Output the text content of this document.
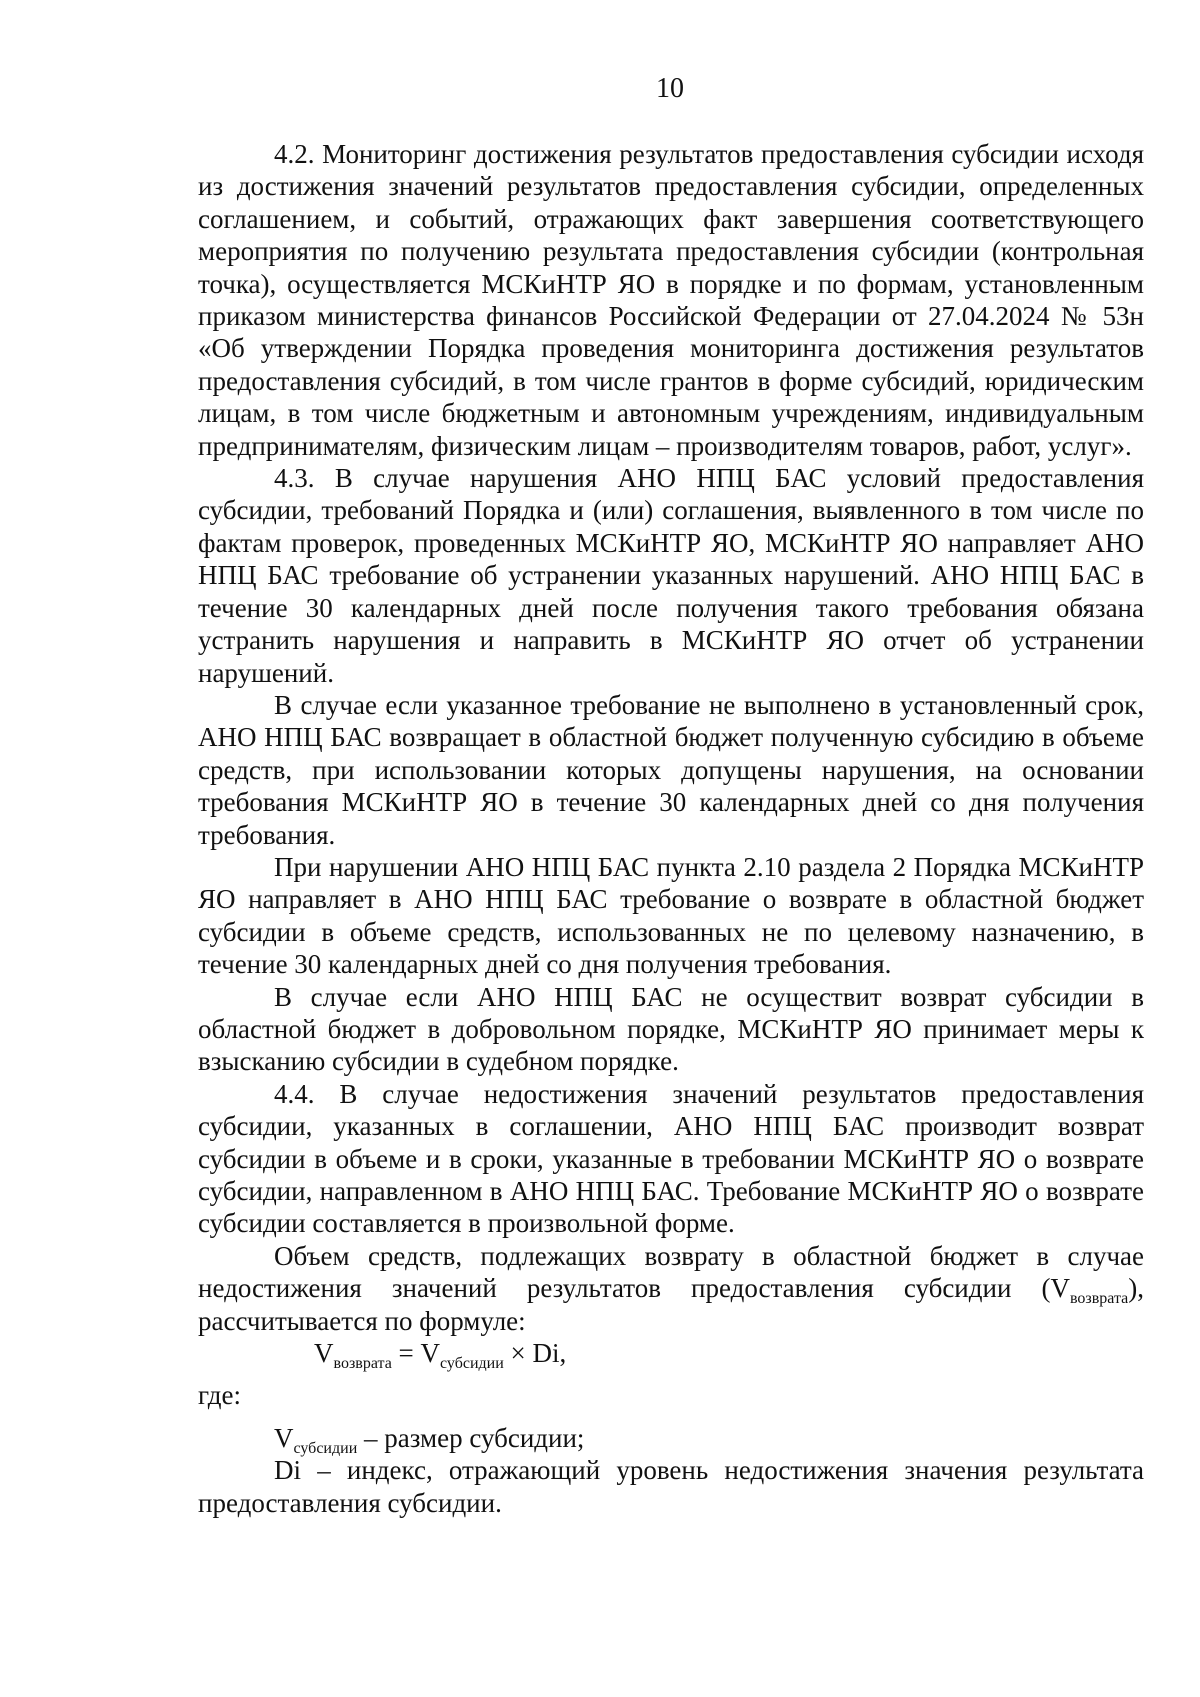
10

4.2. Мониторинг достижения результатов предоставления субсидии исходя из достижения значений результатов предоставления субсидии, определенных соглашением, и событий, отражающих факт завершения соответствующего мероприятия по получению результата предоставления субсидии (контрольная точка), осуществляется МСКиНТР ЯО в порядке и по формам, установленным приказом министерства финансов Российской Федерации от 27.04.2024 № 53н «Об утверждении Порядка проведения мониторинга достижения результатов предоставления субсидий, в том числе грантов в форме субсидий, юридическим лицам, в том числе бюджетным и автономным учреждениям, индивидуальным предпринимателям, физическим лицам – производителям товаров, работ, услуг».

4.3. В случае нарушения АНО НПЦ БАС условий предоставления субсидии, требований Порядка и (или) соглашения, выявленного в том числе по фактам проверок, проведенных МСКиНТР ЯО, МСКиНТР ЯО направляет АНО НПЦ БАС требование об устранении указанных нарушений. АНО НПЦ БАС в течение 30 календарных дней после получения такого требования обязана устранить нарушения и направить в МСКиНТР ЯО отчет об устранении нарушений.

В случае если указанное требование не выполнено в установленный срок, АНО НПЦ БАС возвращает в областной бюджет полученную субсидию в объеме средств, при использовании которых допущены нарушения, на основании требования МСКиНТР ЯО в течение 30 календарных дней со дня получения требования.

При нарушении АНО НПЦ БАС пункта 2.10 раздела 2 Порядка МСКиНТР ЯО направляет в АНО НПЦ БАС требование о возврате в областной бюджет субсидии в объеме средств, использованных не по целевому назначению, в течение 30 календарных дней со дня получения требования.

В случае если АНО НПЦ БАС не осуществит возврат субсидии в областной бюджет в добровольном порядке, МСКиНТР ЯО принимает меры к взысканию субсидии в судебном порядке.

4.4. В случае недостижения значений результатов предоставления субсидии, указанных в соглашении, АНО НПЦ БАС производит возврат субсидии в объеме и в сроки, указанные в требовании МСКиНТР ЯО о возврате субсидии, направленном в АНО НПЦ БАС. Требование МСКиНТР ЯО о возврате субсидии составляется в произвольной форме.

Объем средств, подлежащих возврату в областной бюджет в случае недостижения значений результатов предоставления субсидии $(V_{возврата})$, рассчитывается по формуле:

$V_{возврата} = V_{субсидии} \times Di$,

где:

$V_{субсидии}$ – размер субсидии;

Di – индекс, отражающий уровень недостижения значения результата предоставления субсидии.
